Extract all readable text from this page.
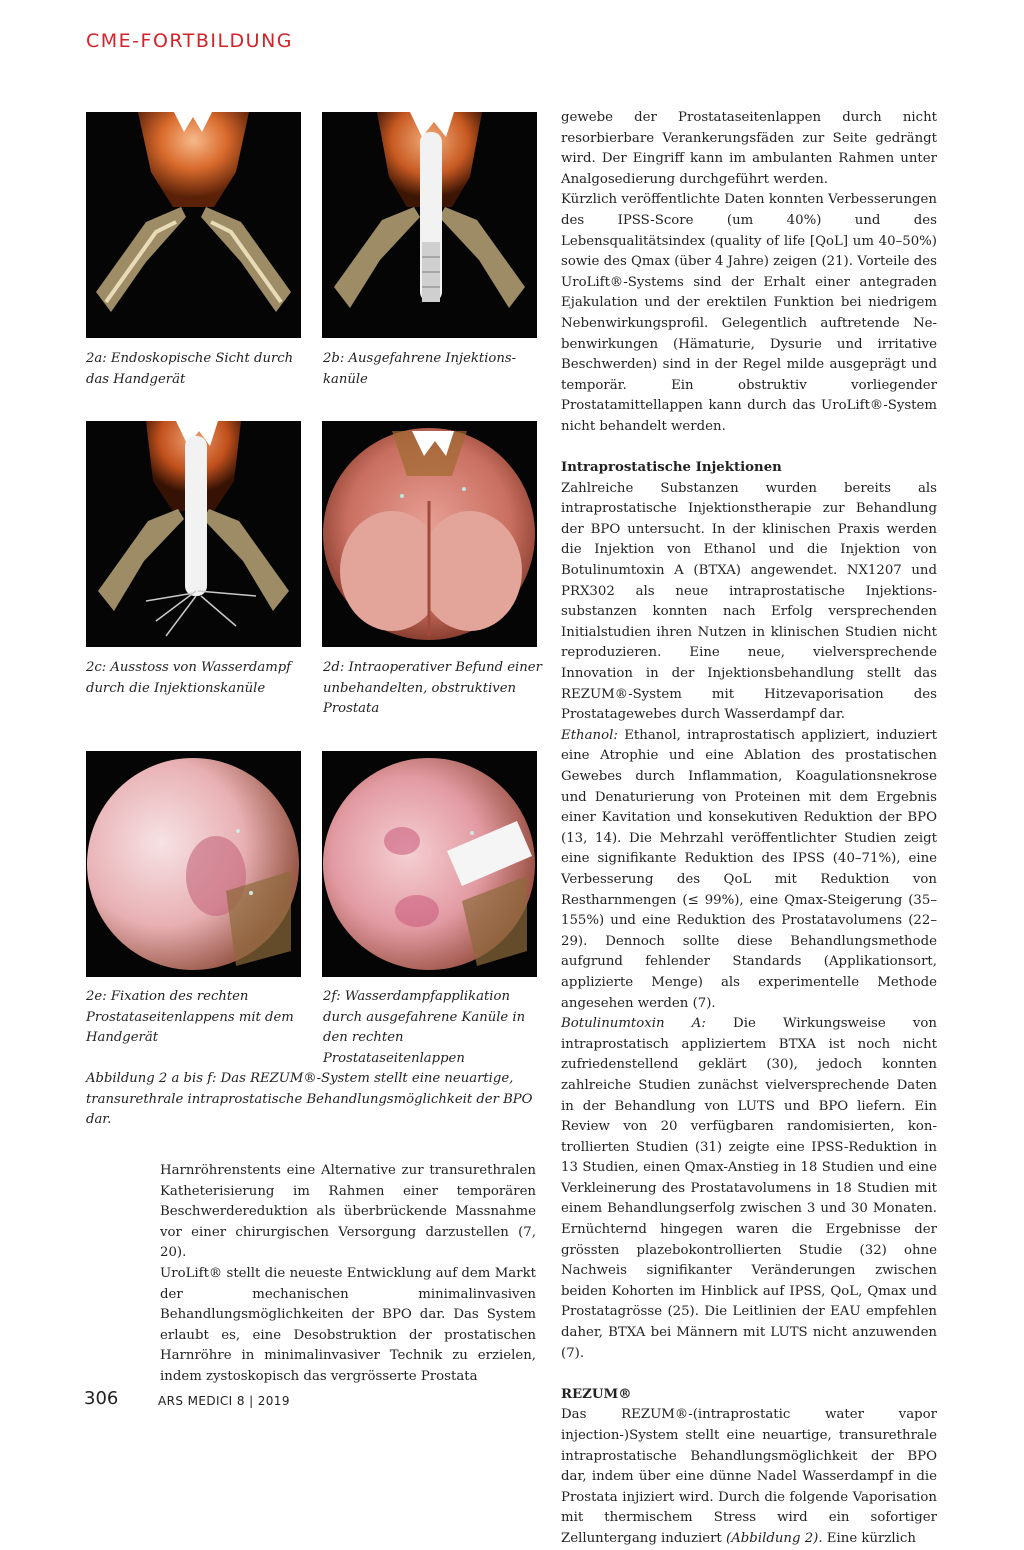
CME-FORTBILDUNG
2a: Endoskopische Sicht durch das Handgerät
2b: Ausgefahrene Injektionskanüle
2c: Ausstoss von Wasserdampf durch die Injektionskanüle
2d: Intraoperativer Befund einer unbehandelten, obstruktiven Prostata
2e: Fixation des rechten Prostataseitenlappens mit dem Handgerät
2f: Wasserdampfapplikation durch ausgefahrene Kanüle in den rechten Prostataseitenlappen
Abbildung 2 a bis f: Das REZUM®-System stellt eine neuartige, transurethrale intraprostatische Behandlungsmöglichkeit der BPO dar.

Harnröhrenstents eine Alternative zur transurethralen Katheterisierung im Rahmen einer temporären Beschwerdereduktion als überbrückende Massnahme vor einer chirurgischen Versorgung darzustellen (7, 20).

UroLift® stellt die neueste Entwicklung auf dem Markt der mechanischen minimalinvasiven Behandlungsmöglichkeiten der BPO dar. Das System erlaubt es, eine Desobstruktion der prostatischen Harnröhre in minimalinvasiver Technik zu erzielen, indem zystoskopisch das vergrösserte Prostata

gewebe der Prostataseitenlappen durch nicht resorbierbare Verankerungsfäden zur Seite gedrängt wird. Der Eingriff kann im ambulanten Rahmen unter Analgosedierung durchgeführt werden.

Kürzlich veröffentlichte Daten konnten Verbesserungen des IPSS-Score (um 40%) und des Lebensqualitätsindex (quality of life [QoL] um 40–50%) sowie des Qmax (über 4 Jahre) zeigen (21). Vorteile des UroLift®-Systems sind der Erhalt einer antegraden Ejakulation und der erektilen Funktion bei niedrigem Nebenwirkungsprofil. Gelegentlich auftretende Nebenwirkungen (Hämaturie, Dysurie und irritative Beschwerden) sind in der Regel milde ausgeprägt und temporär. Ein obstruktiv vorliegender Prostatamittellappen kann durch das UroLift®-System nicht behandelt werden.

Intraprostatische Injektionen

Zahlreiche Substanzen wurden bereits als intraprostatische Injektionstherapie zur Behandlung der BPO untersucht. In der klinischen Praxis werden die Injektion von Ethanol und die Injektion von Botulinumtoxin A (BTXA) angewendet. NX1207 und PRX302 als neue intraprostatische Injektionssubstanzen konnten nach Erfolg versprechenden Initialstudien ihren Nutzen in klinischen Studien nicht reproduzieren. Eine neue, vielversprechende Innovation in der Injektionsbehandlung stellt das REZUM®-System mit Hitzevaporisation des Prostatagewebes durch Wasserdampf dar.

Ethanol: Ethanol, intraprostatisch appliziert, induziert eine Atrophie und eine Ablation des prostatischen Gewebes durch Inflammation, Koagulationsnekrose und Denaturierung von Proteinen mit dem Ergebnis einer Kavitation und konsekutiven Reduktion der BPO (13, 14). Die Mehrzahl veröffentlichter Studien zeigt eine signifikante Reduktion des IPSS (40–71%), eine Verbesserung des QoL mit Reduktion von Restharnmengen (≤ 99%), eine Qmax-Steigerung (35–155%) und eine Reduktion des Prostatavolumens (22–29). Dennoch sollte diese Behandlungsmethode aufgrund fehlender Standards (Applikationsort, applizierte Menge) als experimentelle Methode angesehen werden (7).

Botulinumtoxin A: Die Wirkungsweise von intraprostatisch appliziertem BTXA ist noch nicht zufriedenstellend geklärt (30), jedoch konnten zahlreiche Studien zunächst vielversprechende Daten in der Behandlung von LUTS und BPO liefern. Ein Review von 20 verfügbaren randomisierten, kontrollierten Studien (31) zeigte eine IPSS-Reduktion in 13 Studien, einen Qmax-Anstieg in 18 Studien und eine Verkleinerung des Prostatavolumens in 18 Studien mit einem Behandlungserfolg zwischen 3 und 30 Monaten. Ernüchternd hingegen waren die Ergebnisse der grössten plazebokontrollierten Studie (32) ohne Nachweis signifikanter Veränderungen zwischen beiden Kohorten im Hinblick auf IPSS, QoL, Qmax und Prostatagrösse (25). Die Leitlinien der EAU empfehlen daher, BTXA bei Männern mit LUTS nicht anzuwenden (7).

REZUM®

Das REZUM®-(intraprostatic water vapor injection-)System stellt eine neuartige, transurethrale intraprostatische Behandlungsmöglichkeit der BPO dar, indem über eine dünne Nadel Wasserdampf in die Prostata injiziert wird. Durch die folgende Vaporisation mit thermischem Stress wird ein sofortiger Zelluntergang induziert (Abbildung 2). Eine kürzlich

306	ARS MEDICI 8 | 2019
